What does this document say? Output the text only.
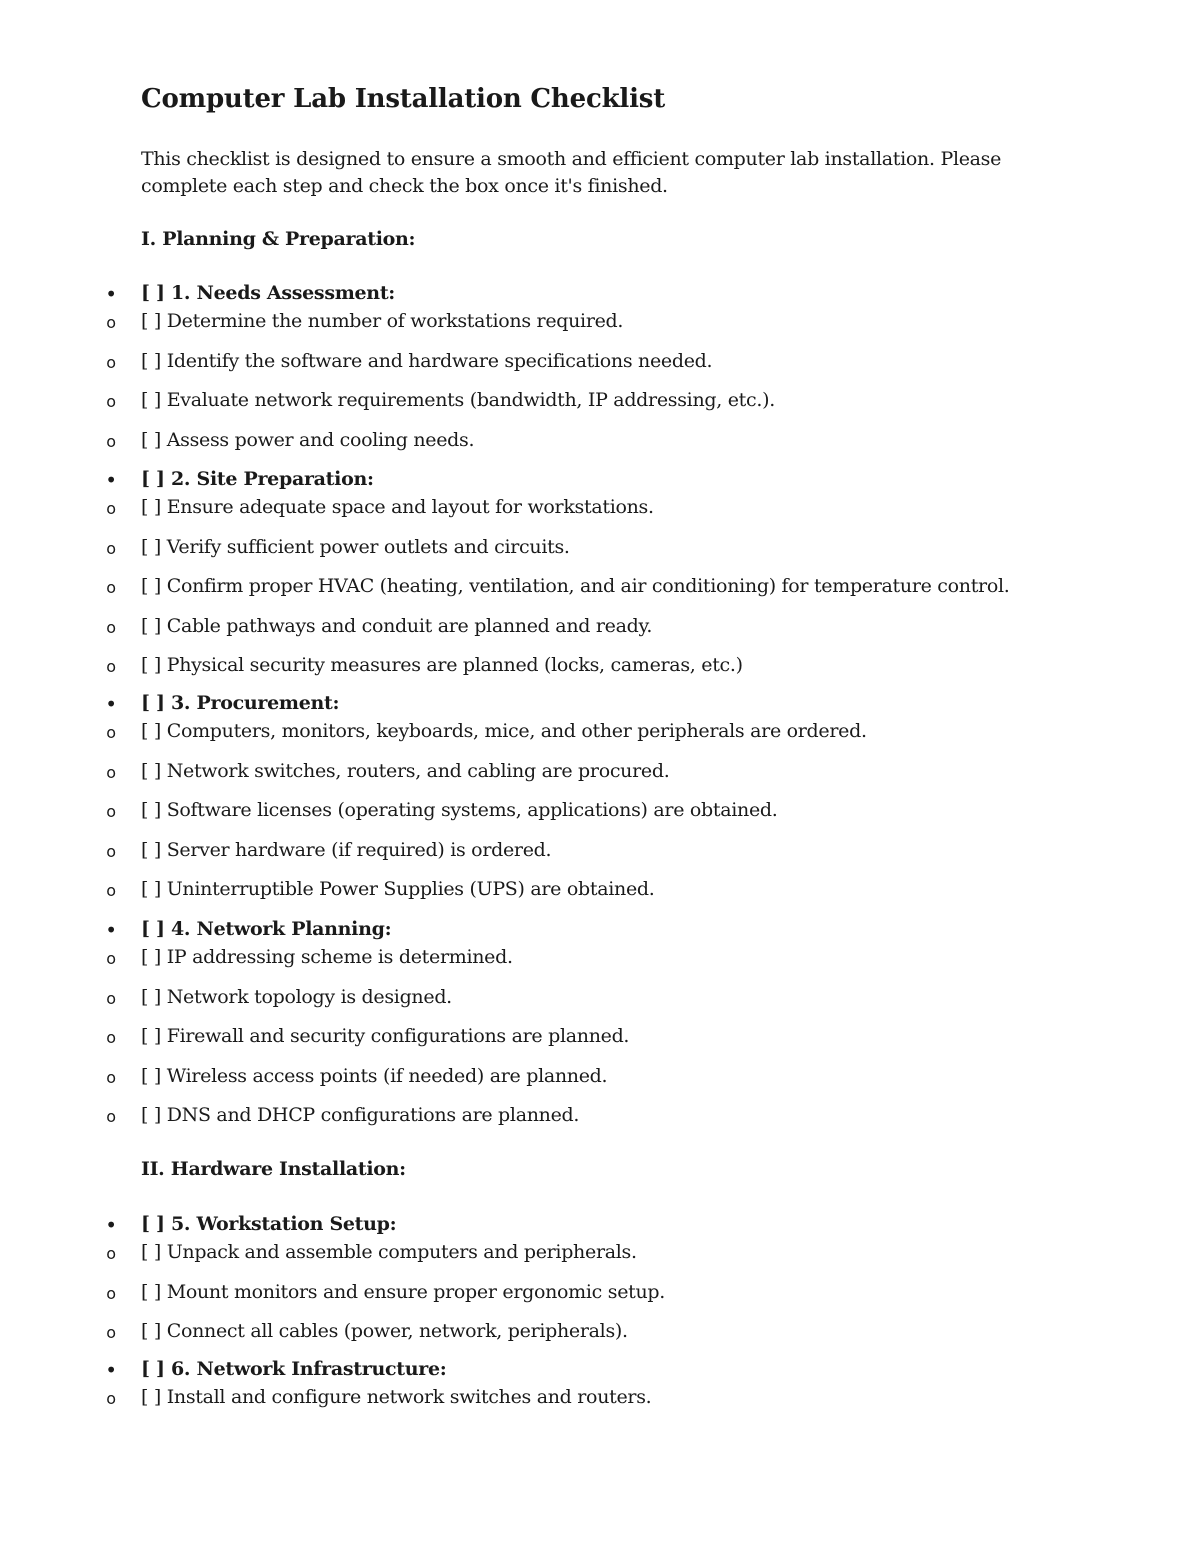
Computer Lab Installation Checklist

This checklist is designed to ensure a smooth and efficient computer lab installation. Please complete each step and check the box once it's finished.

I. Planning & Preparation:
• [ ] 1. Needs Assessment:
o [ ] Determine the number of workstations required.
o [ ] Identify the software and hardware specifications needed.
o [ ] Evaluate network requirements (bandwidth, IP addressing, etc.).
o [ ] Assess power and cooling needs.
• [ ] 2. Site Preparation:
o [ ] Ensure adequate space and layout for workstations.
o [ ] Verify sufficient power outlets and circuits.
o [ ] Confirm proper HVAC (heating, ventilation, and air conditioning) for temperature control.
o [ ] Cable pathways and conduit are planned and ready.
o [ ] Physical security measures are planned (locks, cameras, etc.)
• [ ] 3. Procurement:
o [ ] Computers, monitors, keyboards, mice, and other peripherals are ordered.
o [ ] Network switches, routers, and cabling are procured.
o [ ] Software licenses (operating systems, applications) are obtained.
o [ ] Server hardware (if required) is ordered.
o [ ] Uninterruptible Power Supplies (UPS) are obtained.
• [ ] 4. Network Planning:
o [ ] IP addressing scheme is determined.
o [ ] Network topology is designed.
o [ ] Firewall and security configurations are planned.
o [ ] Wireless access points (if needed) are planned.
o [ ] DNS and DHCP configurations are planned.
II. Hardware Installation:
• [ ] 5. Workstation Setup:
o [ ] Unpack and assemble computers and peripherals.
o [ ] Mount monitors and ensure proper ergonomic setup.
o [ ] Connect all cables (power, network, peripherals).
• [ ] 6. Network Infrastructure:
o [ ] Install and configure network switches and routers.
